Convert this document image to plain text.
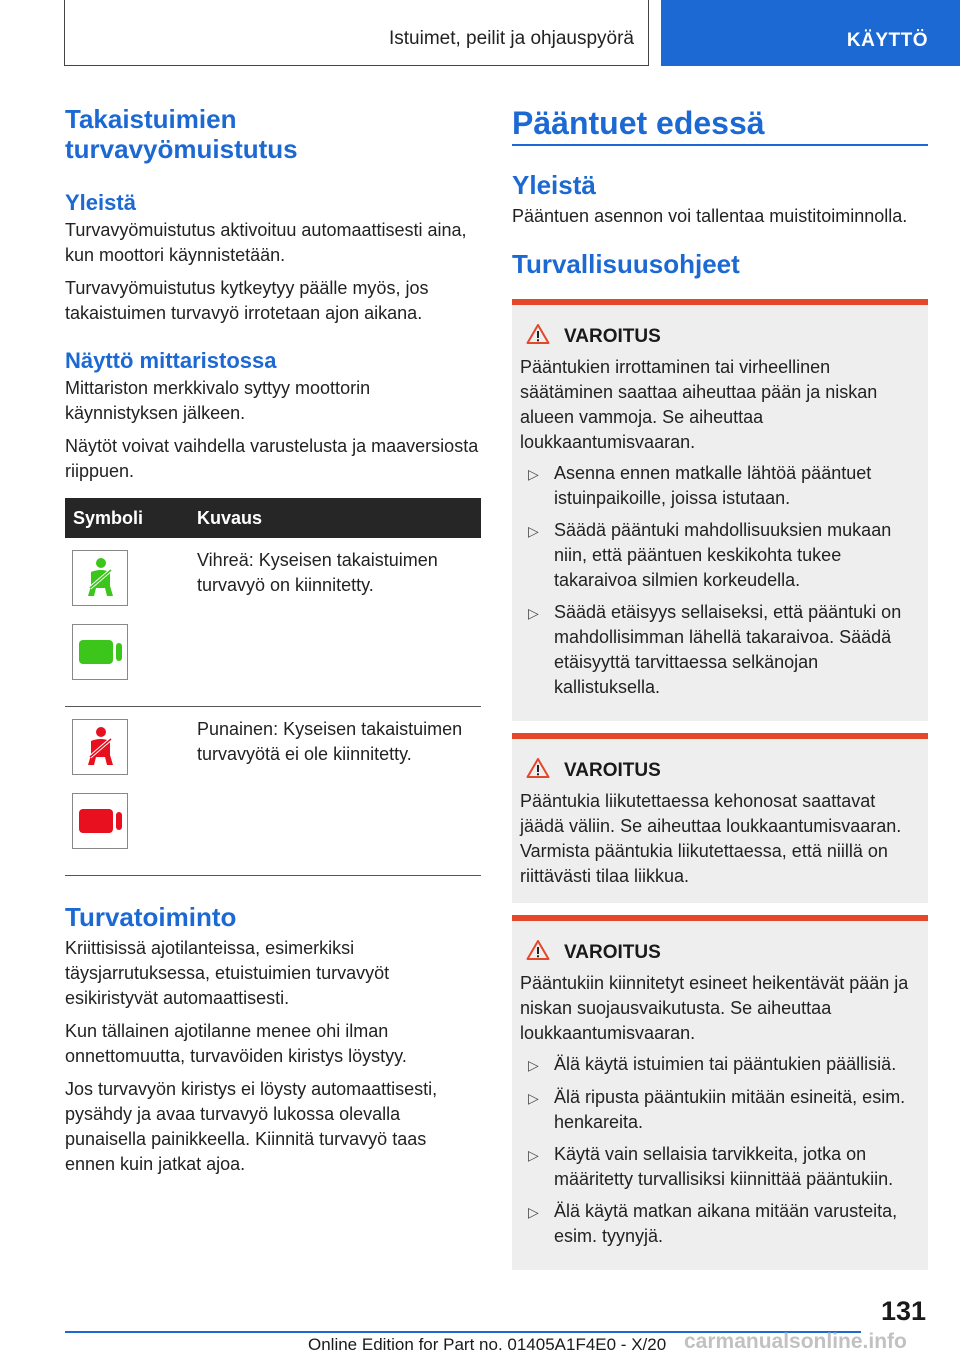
Istuimet, peilit ja ohjauspyörä	KÄYTTÖ
Takaistuimien turvavyömuistutus
Yleistä

Turvavyömuistutus aktivoituu automaattisesti aina, kun moottori käynnistetään.

Turvavyömuistutus kytkeytyy päälle myös, jos takaistuimen turvavyö irrotetaan ajon aikana.

Näyttö mittaristossa

Mittariston merkkivalo syttyy moottorin käynnistyksen jälkeen.

Näytöt voivat vaihdella varustelusta ja maaversiosta riippuen.

Symboli	Kuvaus
Vihreä: Kyseisen takaistuimen turvavyö on kiinnitetty.
Punainen: Kyseisen takaistuimen turvavyötä ei ole kiinnitetty.
Turvatoiminto

Kriittisissä ajotilanteissa, esimerkiksi täysjarrutuksessa, etuistuimien turvavyöt esikiristyvät automaattisesti.

Kun tällainen ajotilanne menee ohi ilman onnettomuutta, turvavöiden kiristys löystyy.

Jos turvavyön kiristys ei löysty automaattisesti, pysähdy ja avaa turvavyö lukossa olevalla punaisella painikkeella. Kiinnitä turvavyö taas ennen kuin jatkat ajoa.

Pääntuet edessä
Yleistä

Pääntuen asennon voi tallentaa muistitoiminnolla.

Turvallisuusohjeet
VAROITUS

Pääntukien irrottaminen tai virheellinen säätäminen saattaa aiheuttaa pään ja niskan alueen vammoja. Se aiheuttaa loukkaantumisvaaran.

▷ Asenna ennen matkalle lähtöä pääntuet istuinpaikoille, joissa istutaan.
▷ Säädä pääntuki mahdollisuuksien mukaan niin, että pääntuen keskikohta tukee takaraivoa silmien korkeudella.
▷ Säädä etäisyys sellaiseksi, että pääntuki on mahdollisimman lähellä takaraivoa. Säädä etäisyyttä tarvittaessa selkänojan kallistuksella.
VAROITUS

Pääntukia liikutettaessa kehonosat saattavat jäädä väliin. Se aiheuttaa loukkaantumisvaaran. Varmista pääntukia liikutettaessa, että niillä on riittävästi tilaa liikkua.

VAROITUS

Pääntukiin kiinnitetyt esineet heikentävät pään ja niskan suojausvaikutusta. Se aiheuttaa loukkaantumisvaaran.

▷ Älä käytä istuimien tai pääntukien päällisiä.
▷ Älä ripusta pääntukiin mitään esineitä, esim. henkareita.
▷ Käytä vain sellaisia tarvikkeita, jotka on määritetty turvallisiksi kiinnittää pääntukiin.
▷ Älä käytä matkan aikana mitään varusteita, esim. tyynyjä.
131
Online Edition for Part no. 01405A1F4E0 - X/20 carmanualsonline.info
